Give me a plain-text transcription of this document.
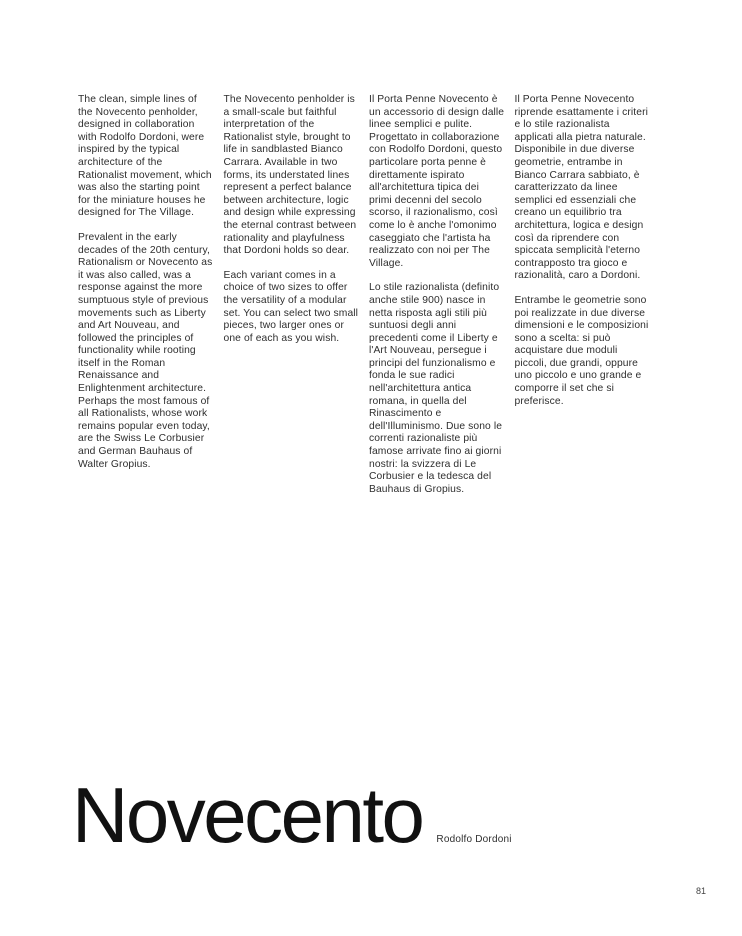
The clean, simple lines of the Novecento penholder, designed in collaboration with Rodolfo Dordoni, were inspired by the typical architecture of the Rationalist movement, which was also the starting point for the miniature houses he designed for The Village.

Prevalent in the early decades of the 20th century, Rationalism or Novecento as it was also called, was a response against the more sumptuous style of previous movements such as Liberty and Art Nouveau, and followed the principles of functionality while rooting itself in the Roman Renaissance and Enlightenment architecture. Perhaps the most famous of all Rationalists, whose work remains popular even today, are the Swiss Le Corbusier and German Bauhaus of Walter Gropius.

The Novecento penholder is a small-scale but faithful interpretation of the Rationalist style, brought to life in sandblasted Bianco Carrara. Available in two forms, its understated lines represent a perfect balance between architecture, logic and design while expressing the eternal contrast between rationality and playfulness that Dordoni holds so dear.

Each variant comes in a choice of two sizes to offer the versatility of a modular set. You can select two small pieces, two larger ones or one of each as you wish.

Il Porta Penne Novecento è un accessorio di design dalle linee semplici e pulite. Progettato in collaborazione con Rodolfo Dordoni, questo particolare porta penne è direttamente ispirato all'architettura tipica dei primi decenni del secolo scorso, il razionalismo, così come lo è anche l'omonimo caseggiato che l'artista ha realizzato con noi per The Village.

Lo stile razionalista (definito anche stile 900) nasce in netta risposta agli stili più suntuosi degli anni precedenti come il Liberty e l'Art Nouveau, persegue i principi del funzionalismo e fonda le sue radici nell'architettura antica romana, in quella del Rinascimento e dell'Illuminismo. Due sono le correnti razionaliste più famose arrivate fino ai giorni nostri: la svizzera di Le Corbusier e la tedesca del Bauhaus di Gropius.

Il Porta Penne Novecento riprende esattamente i criteri e lo stile razionalista applicati alla pietra naturale. Disponibile in due diverse geometrie, entrambe in Bianco Carrara sabbiato, è caratterizzato da linee semplici ed essenziali che creano un equilibrio tra architettura, logica e design così da riprendere con spiccata semplicità l'eterno contrapposto tra gioco e razionalità, caro a Dordoni.

Entrambe le geometrie sono poi realizzate in due diverse dimensioni e le composizioni sono a scelta: si può acquistare due moduli piccoli, due grandi, oppure uno piccolo e uno grande e comporre il set che si preferisce.

Novecento Rodolfo Dordoni
81
